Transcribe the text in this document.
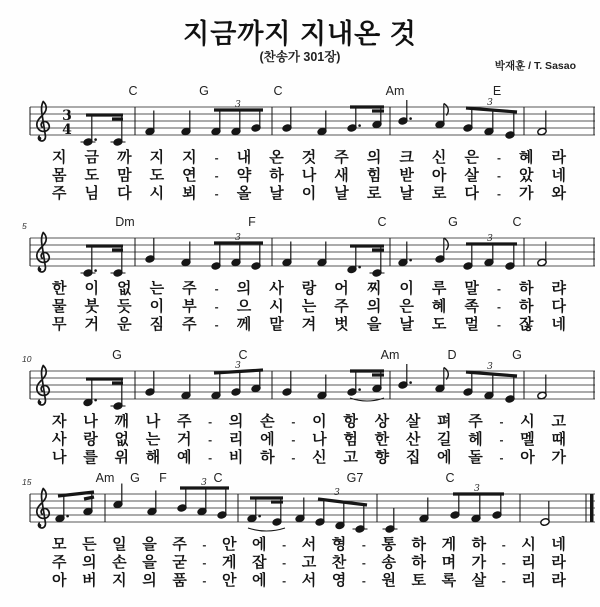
지금까지 지내온 것
(찬송가 301장)
박재훈 / T. Sasao
C	G	C	Am	E
3
4
3	3
지 금 까 지 지 - 내 온 것 주 의 크 신 은 - 혜 라
몸 도 맘 도 연 - 약 하 나 새 힘 받 아 살 - 았 네
주 님 다 시 뵈 - 올 날 이 날 로 날 로 다 - 가 와
5	Dm	F	C	G	C
3	3
한 이 없 는 주 - 의 사 랑 어 찌 이 루 말 - 하 랴
물 붓 듯 이 부 - 으 시 는 주 의 은 혜 족 - 하 다
무 거 운 짐 주 - 께 맡 겨 벗 을 날 도 멀 - 잖 네
10	G	C	Am	D	G
3	3
자 나 깨 나 주 - 의 손 - 이 항 상 살 펴 주 - 시 고
사 랑 없 는 거 - 리 에 - 나 험 한 산 길 헤 - 멜 때
나 를 위 해 예 - 비 하 - 신 고 향 집 에 돌 - 아 가
15	Am G F	C	G7	C
3
3	3
모 든 일 을 주 - 안 에 - 서 형 - 통 하 게 하 - 시 네
주 의 손 을 굳 - 게 잡 - 고 찬 - 송 하 며 가 - 리 라
아 버 지 의 품 - 안 에 - 서 영 - 원 토 록 살 - 리 라
